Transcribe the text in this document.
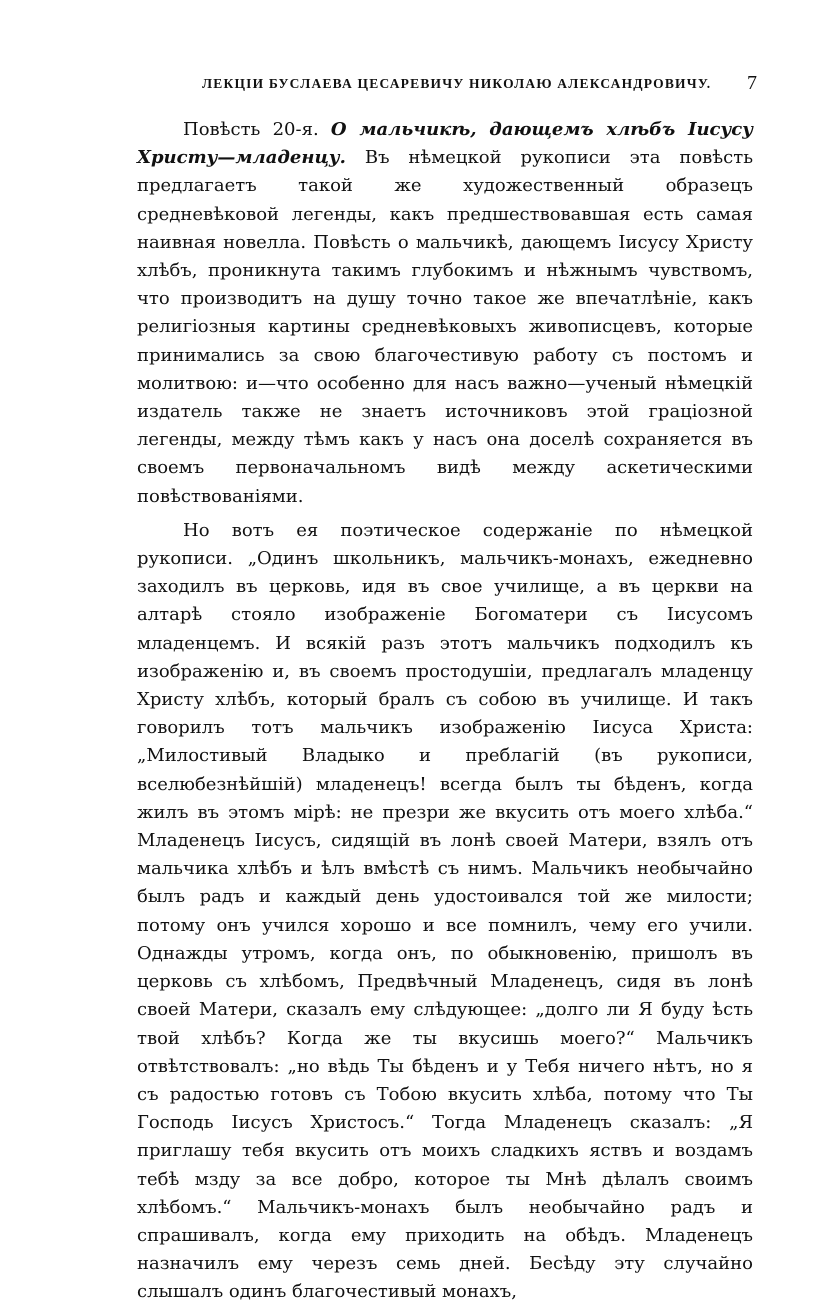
ЛЕКЦІИ БУСЛАЕВА ЦЕСАРЕВИЧУ НИКОЛАЮ АЛЕКСАНДРОВИЧУ. 7

Повѣсть 20-я. О мальчикѣ, дающемъ хлѣбъ Іисусу Христу—младенцу. Въ нѣмецкой рукописи эта повѣсть предлагаетъ такой же художественный образецъ средневѣковой легенды, какъ предшествовавшая есть самая наивная новелла. Повѣсть о мальчикѣ, дающемъ Іисусу Христу хлѣбъ, проникнута такимъ глубокимъ и нѣжнымъ чувствомъ, что производитъ на душу точно такое же впечатлѣніе, какъ религіозныя картины средневѣковыхъ живописцевъ, которые принимались за свою благочестивую работу съ постомъ и молитвою: и—что особенно для насъ важно—ученый нѣмецкій издатель также не знаетъ источниковъ этой граціозной легенды, между тѣмъ какъ у насъ она доселѣ сохраняется въ своемъ первоначальномъ видѣ между аскетическими повѣствованіями.

Но вотъ ея поэтическое содержаніе по нѣмецкой рукописи. „Одинъ школьникъ, мальчикъ-монахъ, ежедневно заходилъ въ церковь, идя въ свое училище, а въ церкви на алтарѣ стояло изображеніе Богоматери съ Іисусомъ младенцемъ. И всякій разъ этотъ мальчикъ подходилъ къ изображенію и, въ своемъ простодушіи, предлагалъ младенцу Христу хлѣбъ, который бралъ съ собою въ училище. И такъ говорилъ тотъ мальчикъ изображенію Іисуса Христа: „Милостивый Владыко и преблагій (въ рукописи, вселюбезнѣйшій) младенецъ! всегда былъ ты бѣденъ, когда жилъ въ этомъ мірѣ: не презри же вкусить отъ моего хлѣба.“ Младенецъ Іисусъ, сидящій въ лонѣ своей Матери, взялъ отъ мальчика хлѣбъ и ѣлъ вмѣстѣ съ нимъ. Мальчикъ необычайно былъ радъ и каждый день удостоивался той же милости; потому онъ учился хорошо и все помнилъ, чему его учили. Однажды утромъ, когда онъ, по обыкновенію, пришолъ въ церковь съ хлѣбомъ, Предвѣчный Младенецъ, сидя въ лонѣ своей Матери, сказалъ ему слѣдующее: „долго ли Я буду ѣсть твой хлѣбъ? Когда же ты вкусишь моего?“ Мальчикъ отвѣтствовалъ: „но вѣдь Ты бѣденъ и у Тебя ничего нѣтъ, но я съ радостью готовъ съ Тобою вкусить хлѣба, потому что Ты Господь Іисусъ Христосъ.“ Тогда Младенецъ сказалъ: „Я приглашу тебя вкусить отъ моихъ сладкихъ яствъ и воздамъ тебѣ мзду за все добро, которое ты Мнѣ дѣлалъ своимъ хлѣбомъ.“ Мальчикъ-монахъ былъ необычайно радъ и спрашивалъ, когда ему приходить на обѣдъ. Младенецъ назначилъ ему черезъ семь дней. Бесѣду эту случайно слышалъ одинъ благочестивый монахъ,
